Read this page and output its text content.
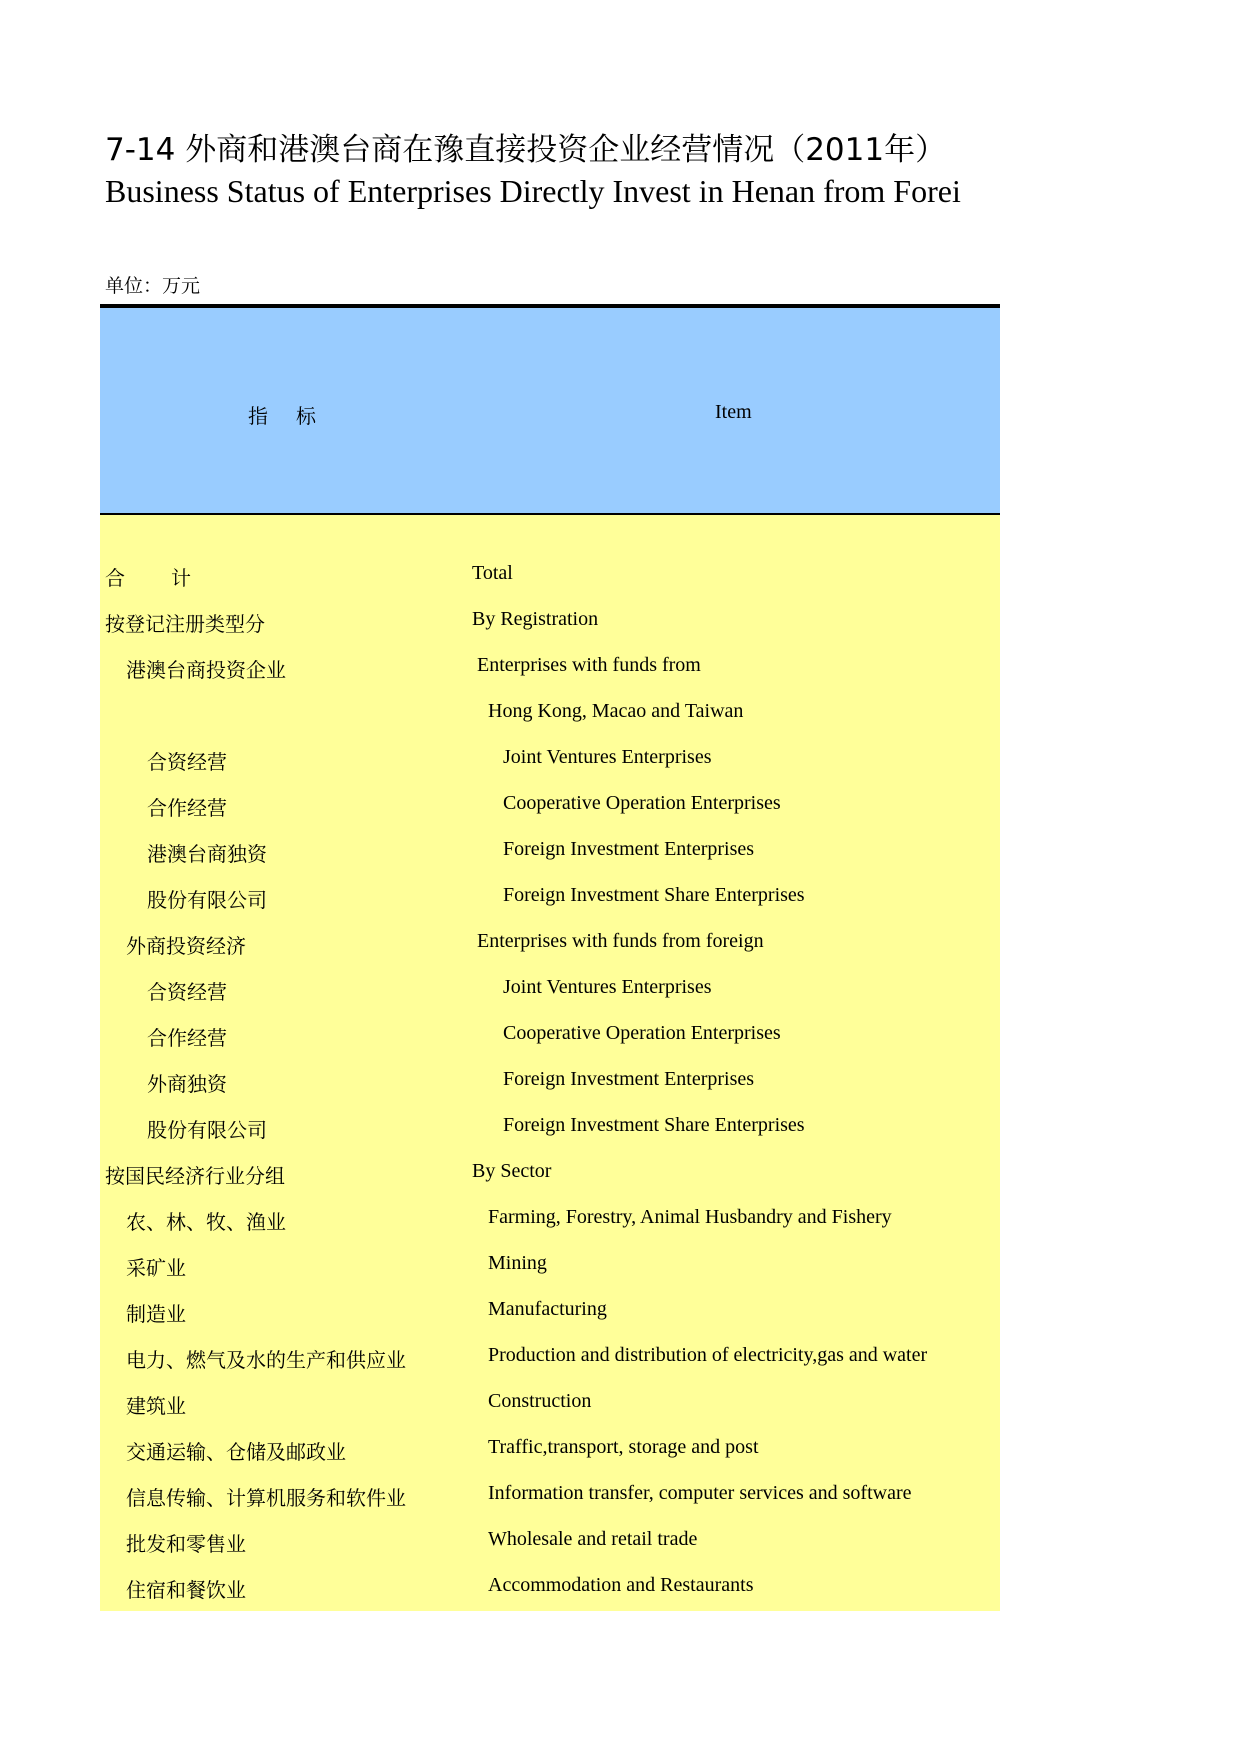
7-14 外商和港澳台商在豫直接投资企业经营情况（2011年）
Business Status of Enterprises Directly Invest in Henan from Forei
单位：万元
指标	Item
合　　计	Total
按登记注册类型分	By Registration
港澳台商投资企业	Enterprises with funds from
Hong Kong, Macao and Taiwan
合资经营	Joint Ventures Enterprises
合作经营	Cooperative Operation Enterprises
港澳台商独资	Foreign Investment Enterprises
股份有限公司	Foreign Investment Share Enterprises
外商投资经济	Enterprises with funds from foreign
合资经营	Joint Ventures Enterprises
合作经营	Cooperative Operation Enterprises
外商独资	Foreign Investment Enterprises
股份有限公司	Foreign Investment Share Enterprises
按国民经济行业分组	By Sector
农、林、牧、渔业	Farming, Forestry, Animal Husbandry and Fishery
采矿业	Mining
制造业	Manufacturing
电力、燃气及水的生产和供应业	Production and distribution of electricity,gas and water
建筑业	Construction
交通运输、仓储及邮政业	Traffic,transport, storage and post
信息传输、计算机服务和软件业	Information transfer, computer services and software
批发和零售业	Wholesale and retail trade
住宿和餐饮业	Accommodation and Restaurants
